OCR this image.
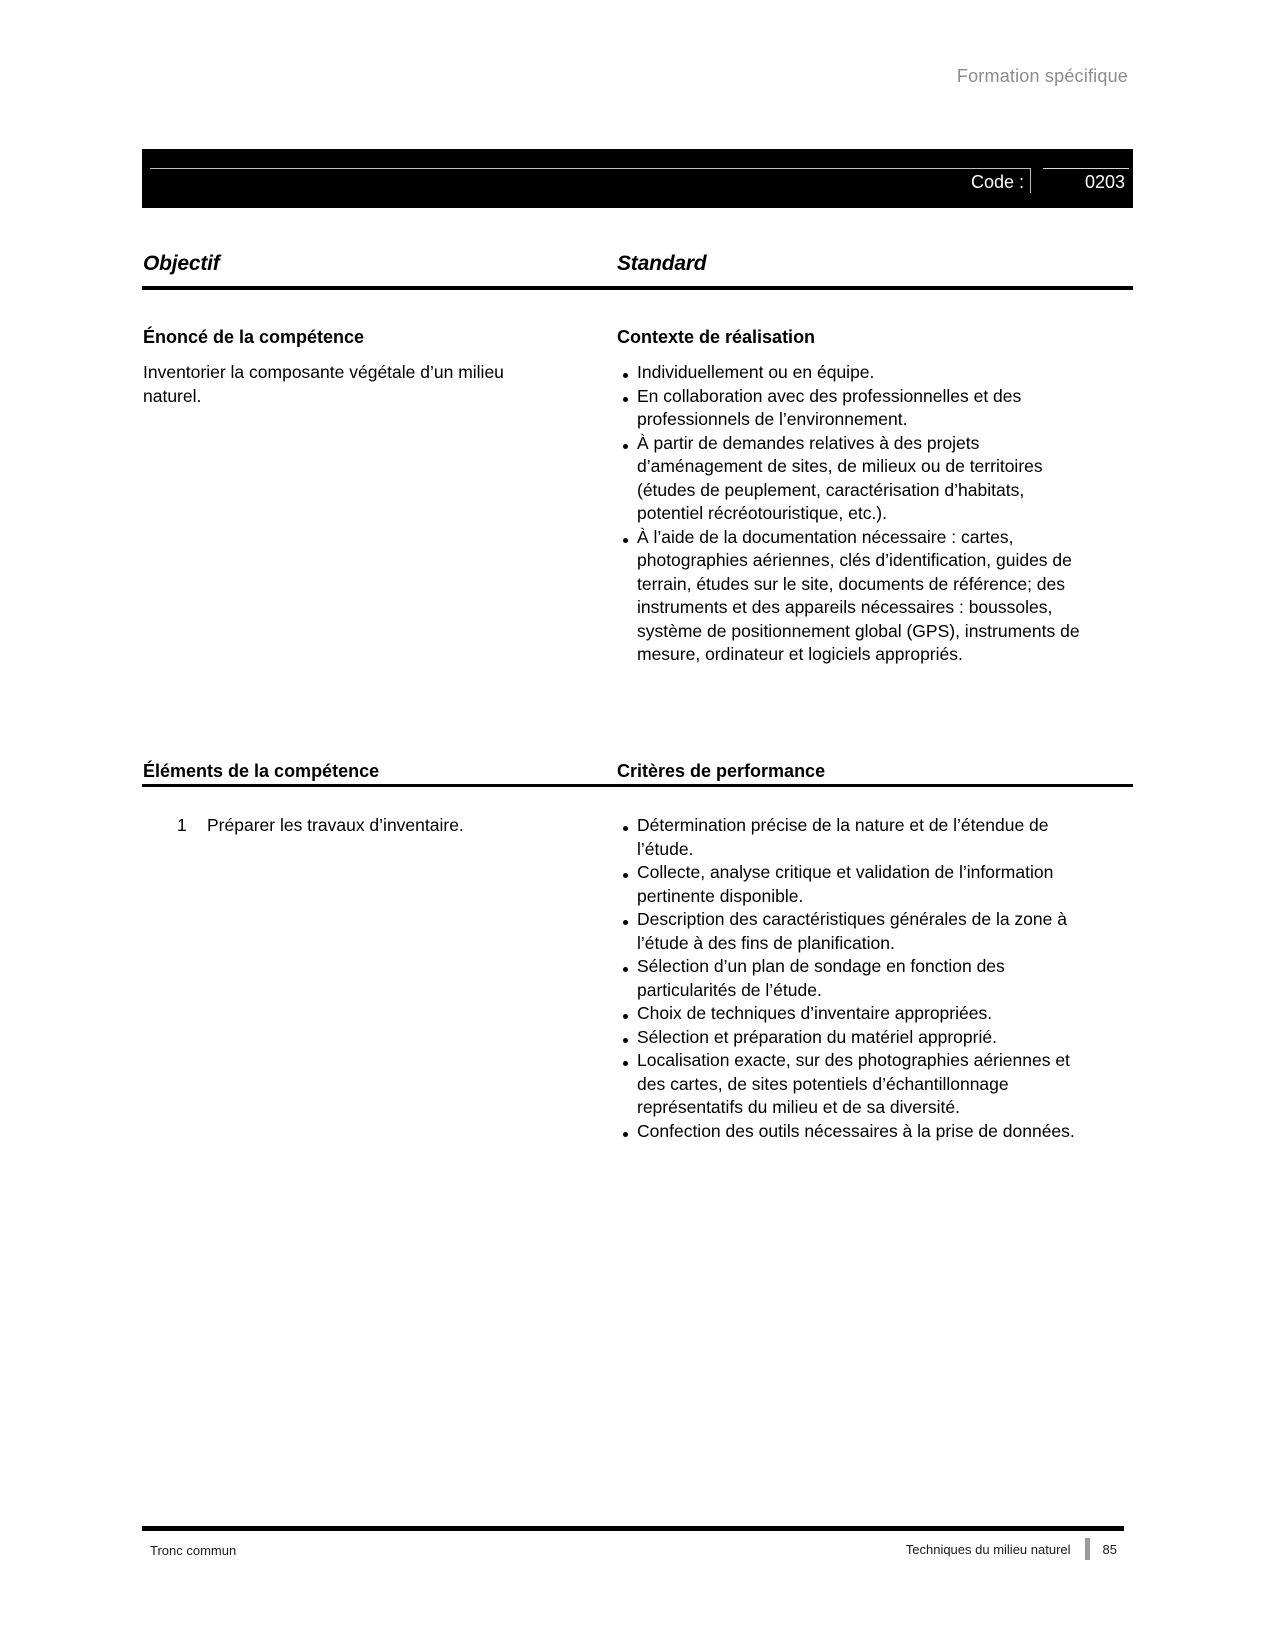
Formation spécifique
Code :	0203
Objectif	Standard
Énoncé de la compétence	Contexte de réalisation
Inventorier la composante végétale d’un milieu naturel.
Individuellement ou en équipe.
En collaboration avec des professionnelles et des professionnels de l’environnement.
À partir de demandes relatives à des projets d’aménagement de sites, de milieux ou de territoires (études de peuplement, caractérisation d’habitats, potentiel récréotouristique, etc.).
À l’aide de la documentation nécessaire : cartes, photographies aériennes, clés d’identification, guides de terrain, études sur le site, documents de référence; des instruments et des appareils nécessaires : boussoles, système de positionnement global (GPS), instruments de mesure, ordinateur et logiciels appropriés.
Éléments de la compétence	Critères de performance
1	Préparer les travaux d’inventaire.	Détermination précise de la nature et de l’étendue de l’étude.
Collecte, analyse critique et validation de l’information pertinente disponible.
Description des caractéristiques générales de la zone à l’étude à des fins de planification.
Sélection d’un plan de sondage en fonction des particularités de l’étude.
Choix de techniques d’inventaire appropriées.
Sélection et préparation du matériel approprié.
Localisation exacte, sur des photographies aériennes et des cartes, de sites potentiels d’échantillonnage représentatifs du milieu et de sa diversité.
Confection des outils nécessaires à la prise de données.
Tronc commun	Techniques du milieu naturel 85
